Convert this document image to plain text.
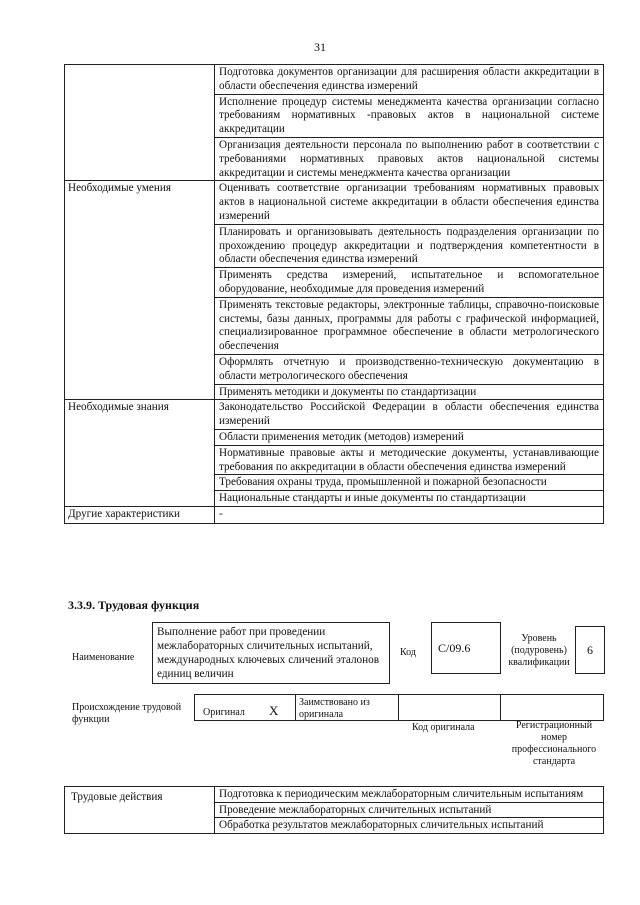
31
	Подготовка документов организации для расширения области аккредитации в области обеспечения единства измерений
	Исполнение процедур системы менеджмента качества организации согласно требованиям нормативных -правовых актов в национальной системе аккредитации
	Организация деятельности персонала по выполнению работ в соответствии с требованиями нормативных правовых актов национальной системы аккредитации и системы менеджмента качества организации
Необходимые умения	Оценивать соответствие организации требованиям нормативных правовых актов в национальной системе аккредитации в области обеспечения единства измерений
	Планировать и организовывать деятельность подразделения организации по прохождению процедур аккредитации и подтверждения компетентности в области обеспечения единства измерений
	Применять средства измерений, испытательное и вспомогательное оборудование, необходимые для проведения измерений
	Применять текстовые редакторы, электронные таблицы, справочно-поисковые системы, базы данных, программы для работы с графической информацией, специализированное программное обеспечение в области метрологического обеспечения
	Оформлять отчетную и производственно-техническую документацию в области метрологического обеспечения
	Применять методики и документы по стандартизации
Необходимые знания	Законодательство Российской Федерации в области обеспечения единства измерений
	Области применения методик (методов) измерений
	Нормативные правовые акты и методические документы, устанавливающие требования по аккредитации в области обеспечения единства измерений
	Требования охраны труда, промышленной и пожарной безопасности
	Национальные стандарты и иные документы по стандартизации
Другие характеристики	-
3.3.9. Трудовая функция
Наименование
Выполнение работ при проведении межлабораторных сличительных испытаний, международных ключевых сличений эталонов единиц величин
Код	С/09.6
Уровень (подуровень) квалификации
6
Происхождение трудовой функции
Оригинал X
Заимствовано из оригинала
Код оригинала	Регистрационный номер профессионального стандарта
Трудовые действия	Подготовка к периодическим межлабораторным сличительным испытаниям
Проведение межлабораторных сличительных испытаний
Обработка результатов межлабораторных сличительных испытаний
